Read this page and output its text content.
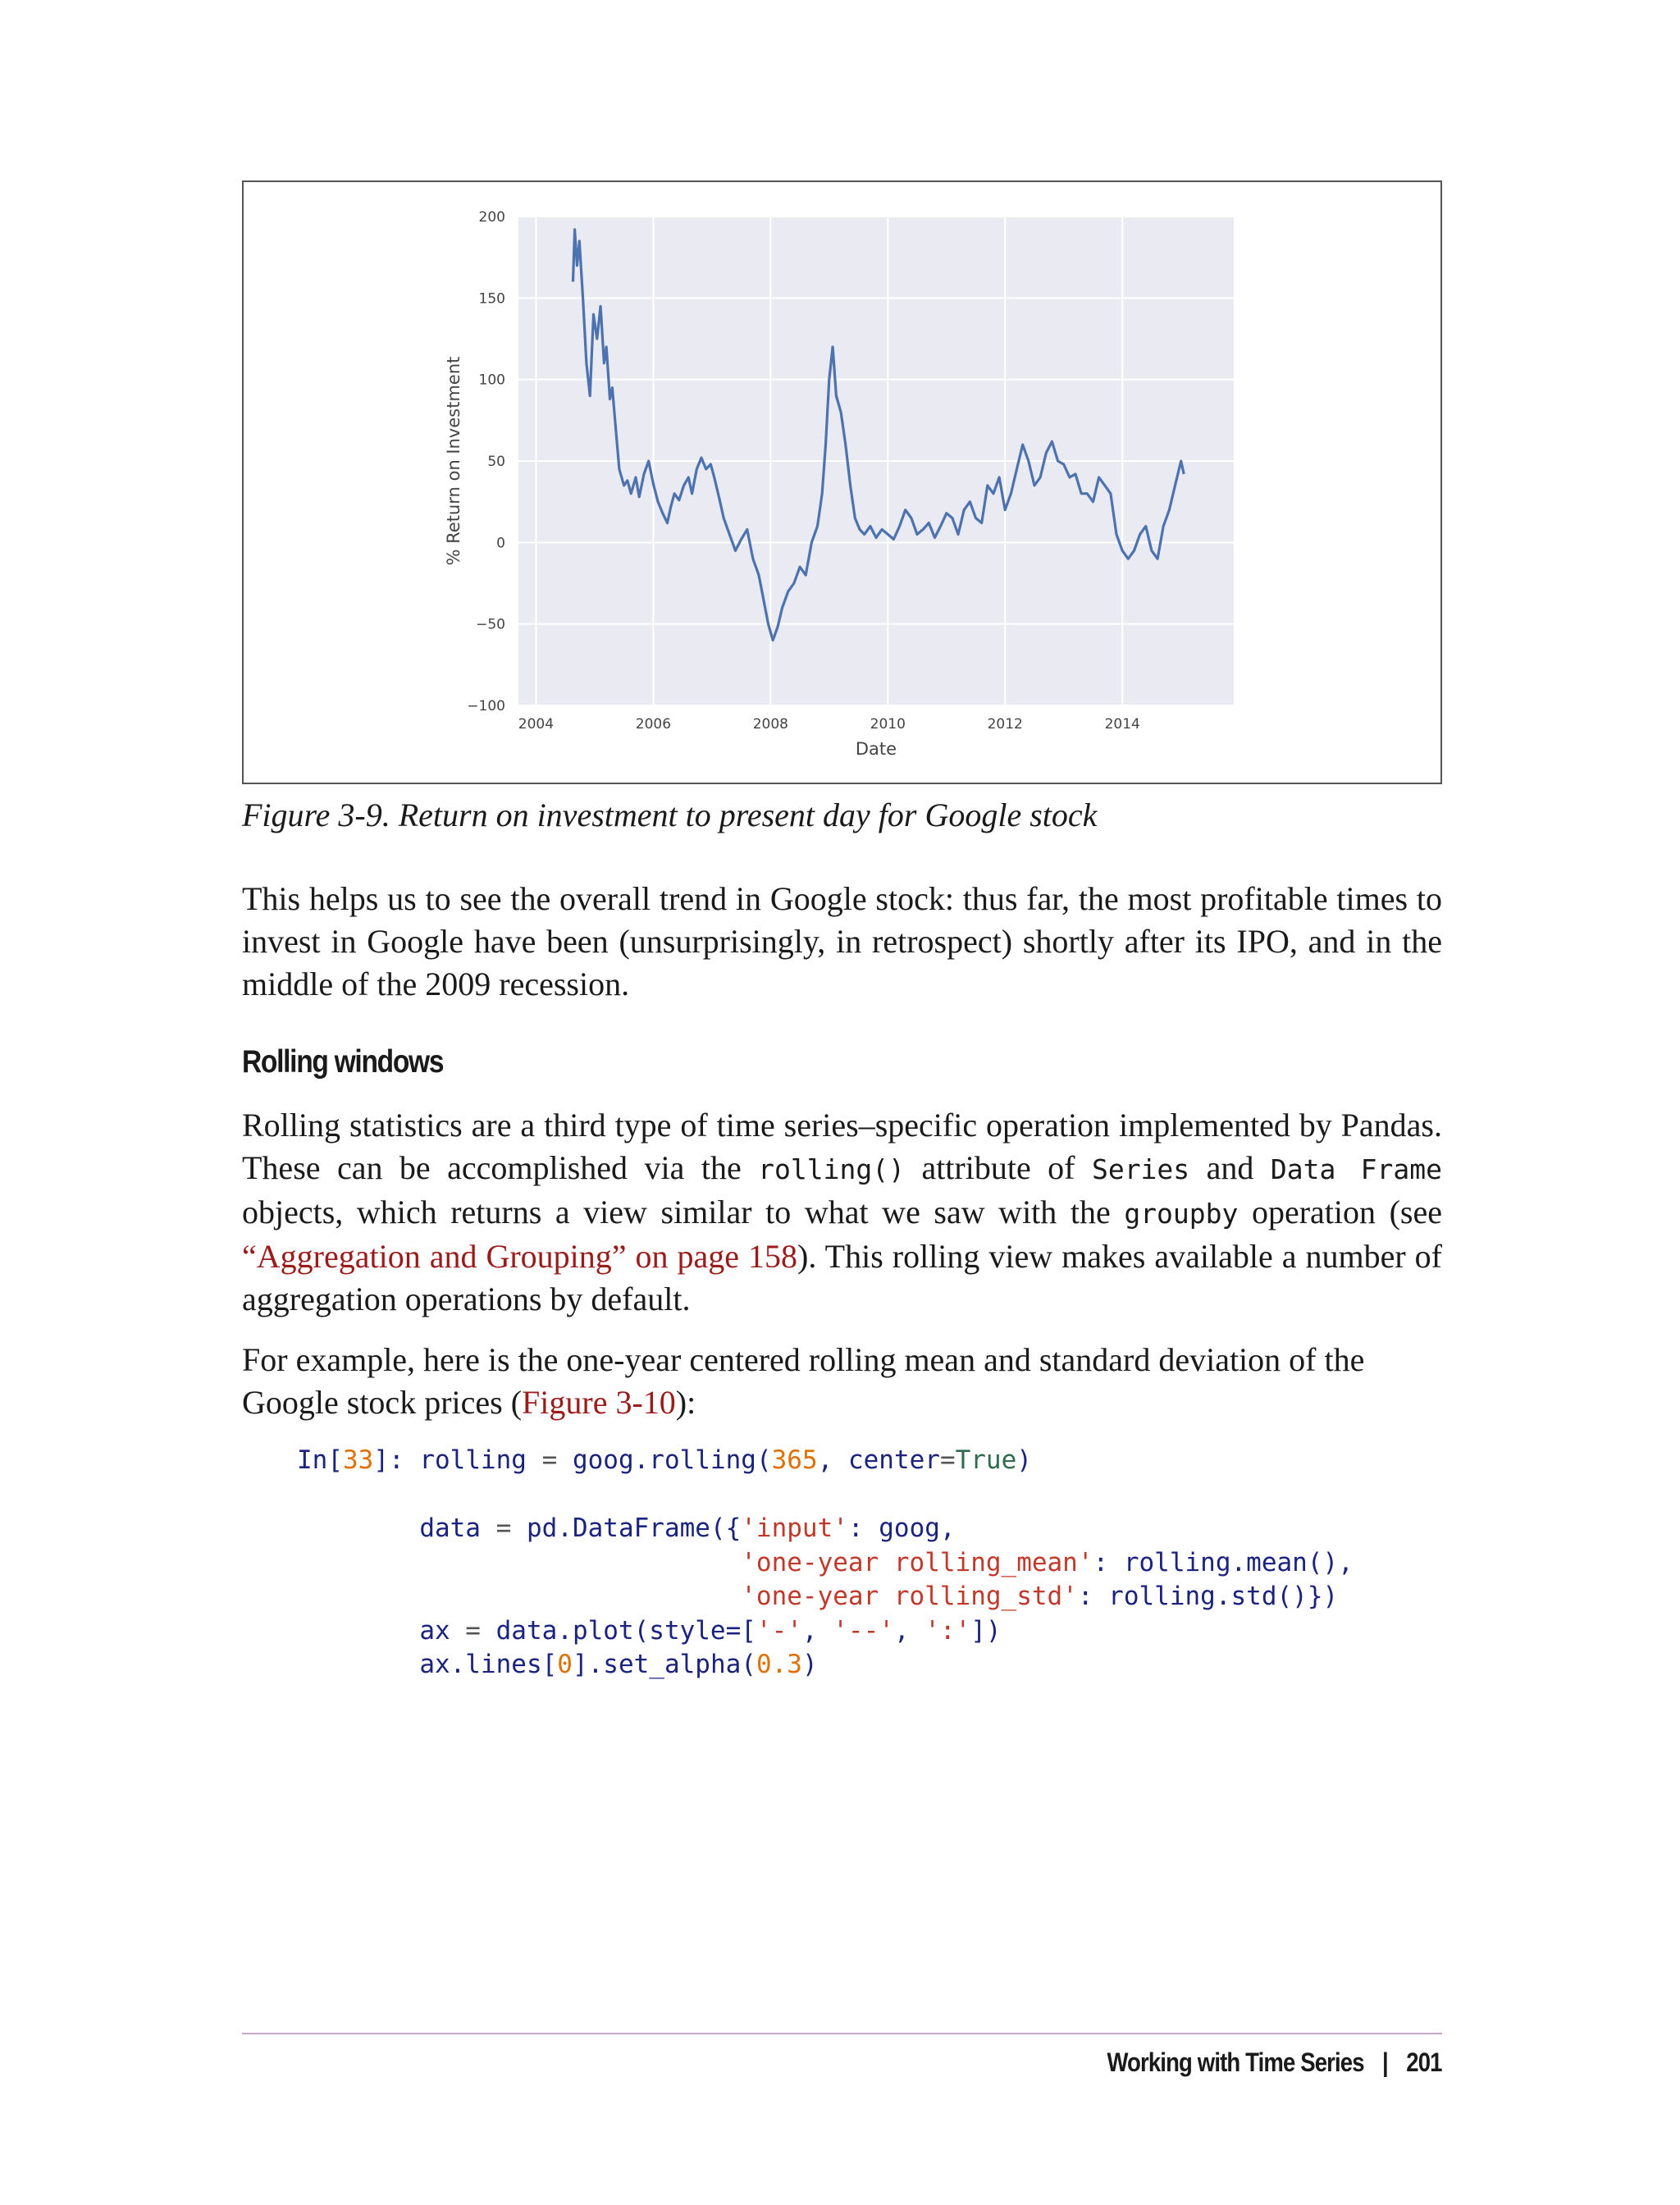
−100
−50
0
50
100
150
200
2004	2006	2008	2010	2012	2014
Date
% Return on Investment
Figure 3-9. Return on investment to present day for Google stock

This helps us to see the overall trend in Google stock: thus far, the most profitable times to invest in Google have been (unsurprisingly, in retrospect) shortly after its IPO, and in the middle of the 2009 recession.

Rolling windows

Rolling statistics are a third type of time series–specific operation implemented by Pandas. These can be accomplished via the rolling() attribute of Series and Data Frame objects, which returns a view similar to what we saw with the groupby operation (see “Aggregation and Grouping” on page 158). This rolling view makes available a number of aggregation operations by default.

For example, here is the one-year centered rolling mean and standard deviation of the Google stock prices (Figure 3-10):

In[33]: rolling = goog.rolling(365, center=True)

data = pd.DataFrame({'input': goog,
'one-year rolling_mean': rolling.mean(),
'one-year rolling_std': rolling.std()})
ax = data.plot(style=['-', '--', ':'])
ax.lines[0].set_alpha(0.3)
Working with Time Series | 201
